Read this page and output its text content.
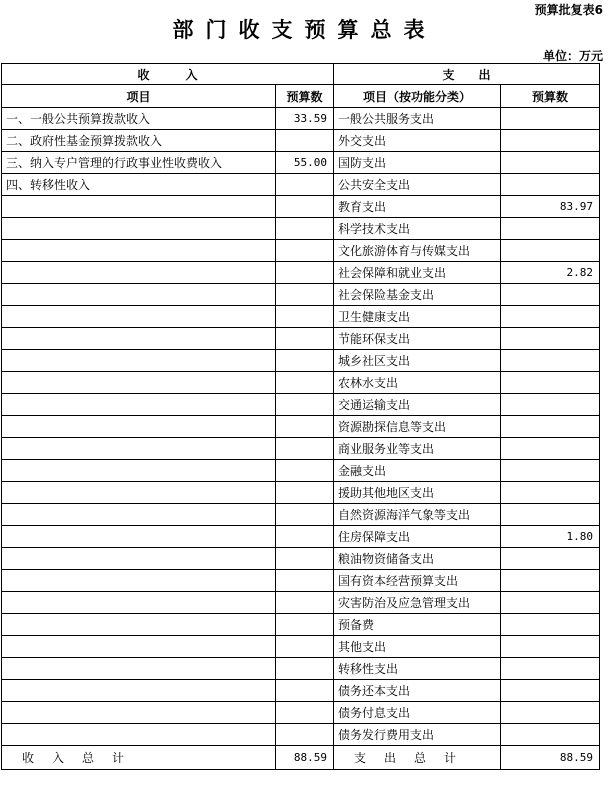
预算批复表6
部门收支预算总表
单位：万元
收　　　入		支　　出	
项目	预算数	项目（按功能分类）	预算数
一、一般公共预算拨款收入	33.59	一般公共服务支出	
二、政府性基金预算拨款收入		外交支出	
三、纳入专户管理的行政事业性收费收入	55.00	国防支出	
四、转移性收入		公共安全支出	
		教育支出	83.97
		科学技术支出	
		文化旅游体育与传媒支出	
		社会保障和就业支出	2.82
		社会保险基金支出	
		卫生健康支出	
		节能环保支出	
		城乡社区支出	
		农林水支出	
		交通运输支出	
		资源勘探信息等支出	
		商业服务业等支出	
		金融支出	
		援助其他地区支出	
		自然资源海洋气象等支出	
		住房保障支出	1.80
		粮油物资储备支出	
		国有资本经营预算支出	
		灾害防治及应急管理支出	
		预备费	
		其他支出	
		转移性支出	
		债务还本支出	
		债务付息支出	
		债务发行费用支出	
收入总计	88.59	支出总计	88.59
